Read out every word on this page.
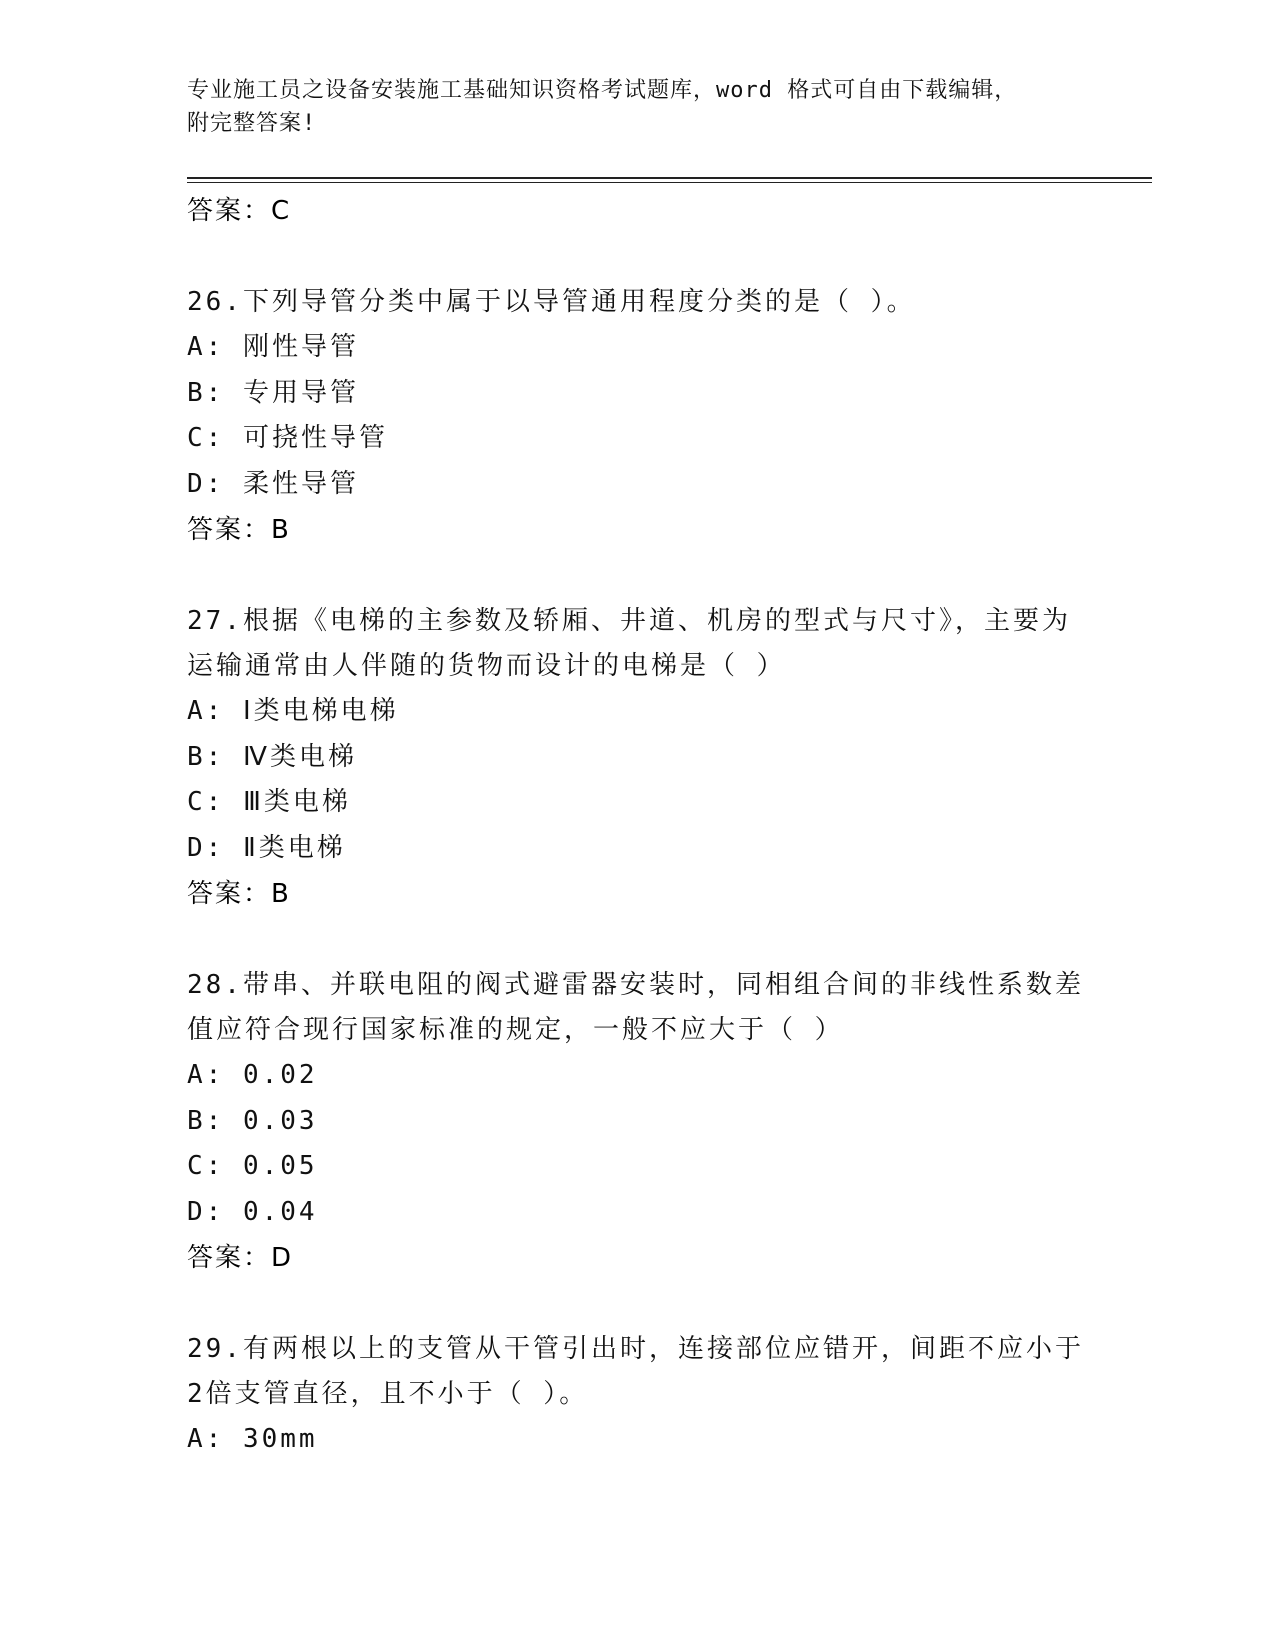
专业施工员之设备安装施工基础知识资格考试题库，word 格式可自由下载编辑，
附完整答案!
答案：C
26.下列导管分类中属于以导管通用程度分类的是（ ）。
A: 刚性导管
B: 专用导管
C: 可挠性导管
D: 柔性导管
答案：B
27.根据《电梯的主参数及轿厢、井道、机房的型式与尺寸》，主要为
运输通常由人伴随的货物而设计的电梯是（ ）
A: Ⅰ类电梯电梯
B: Ⅳ类电梯
C: Ⅲ类电梯
D: Ⅱ类电梯
答案：B
28.带串、并联电阻的阀式避雷器安装时，同相组合间的非线性系数差
值应符合现行国家标准的规定，一般不应大于（ ）
A: 0.02
B: 0.03
C: 0.05
D: 0.04
答案：D
29.有两根以上的支管从干管引出时，连接部位应错开，间距不应小于
2倍支管直径，且不小于（ ）。
A: 30mm
